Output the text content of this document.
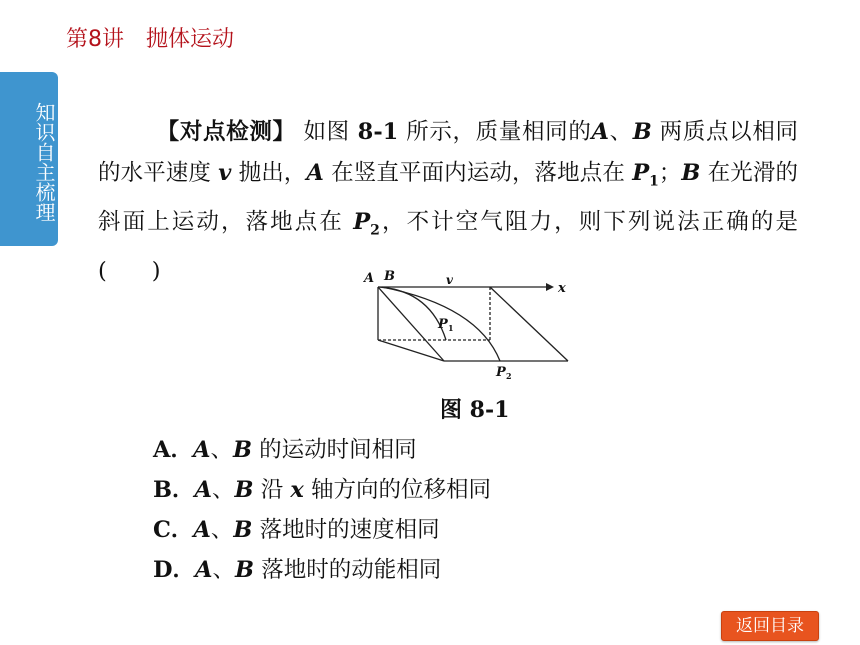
第8讲 抛体运动
知识自主梳理	【对点检测】 如图 8-1 所示，质量相同的A、B 两质点以相同的水平速度 v 抛出，A 在竖直平面内运动，落地点在 $P_1$；B 在光滑的斜面上运动，落地点在 $P_2$，不计空气阻力，则下列说法正确的是(　　)	A B	v
x
P 1
P 2
图 8-1
A．A、B 的运动时间相同
B．A、B 沿 x 轴方向的位移相同
C．A、B 落地时的速度相同
D．A、B 落地时的动能相同
返回目录
